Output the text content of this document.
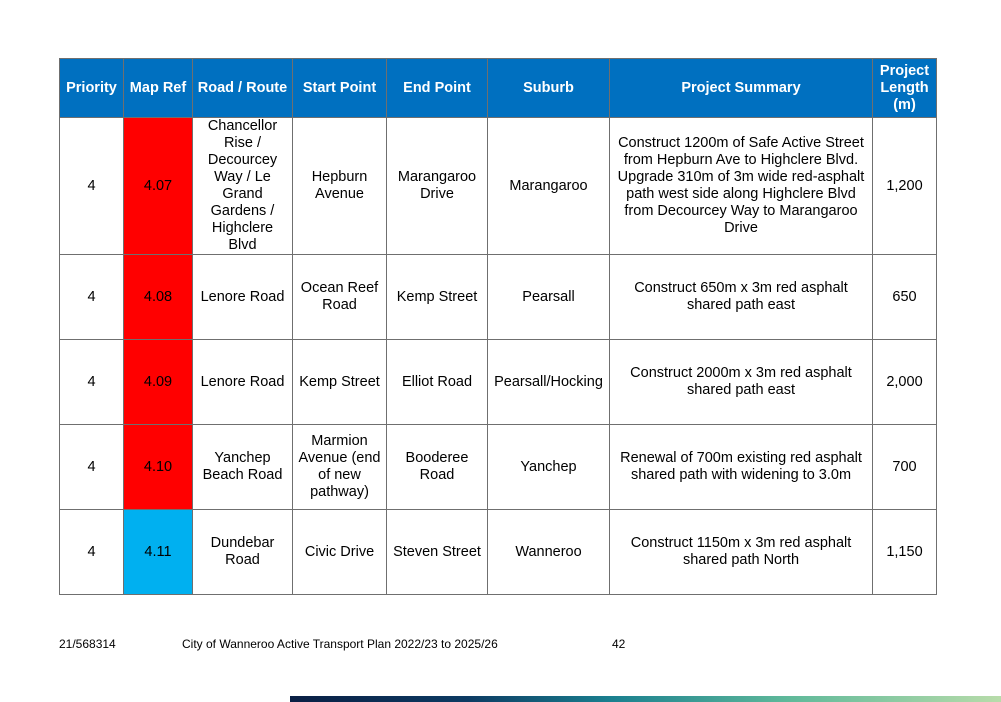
Priority	Map Ref	Road / Route	Start Point	End Point	Suburb	Project Summary	Project Length (m)
4	4.07	Chancellor Rise / Decourcey Way / Le Grand Gardens / Highclere Blvd	Hepburn Avenue	Marangaroo Drive	Marangaroo	Construct 1200m of Safe Active Street from Hepburn Ave to Highclere Blvd. Upgrade 310m of 3m wide red-asphalt path west side along Highclere Blvd from Decourcey Way to Marangaroo Drive	1,200
4	4.08	Lenore Road	Ocean Reef Road	Kemp Street	Pearsall	Construct 650m x 3m red asphalt shared path east	650
4	4.09	Lenore Road	Kemp Street	Elliot Road	Pearsall/Hocking	Construct 2000m x 3m red asphalt shared path east	2,000
4	4.10	Yanchep Beach Road	Marmion Avenue (end of new pathway)	Booderee Road	Yanchep	Renewal of 700m existing red asphalt shared path with widening to 3.0m	700
4	4.11	Dundebar Road	Civic Drive	Steven Street	Wanneroo	Construct 1150m x 3m red asphalt shared path North	1,150
21/568314	City of Wanneroo Active Transport Plan 2022/23 to 2025/26	42
